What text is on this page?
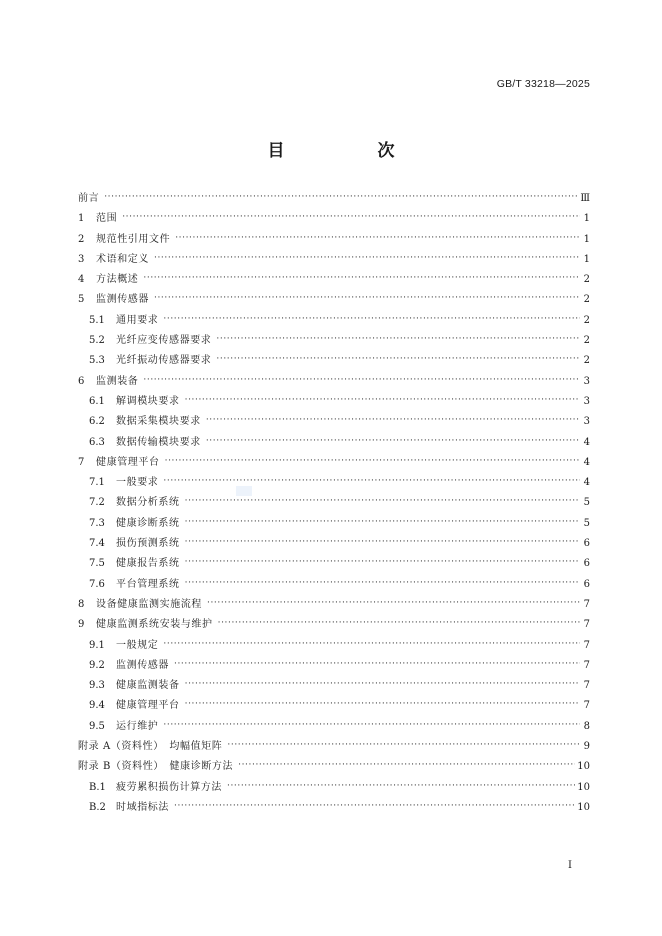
GB/T 33218—2025
目　次
前言 ·····	Ⅲ
1	范围 ·····	1
2	规范性引用文件 ·····	1
3	术语和定义 ·····	1
4	方法概述 ·····	2
5	监测传感器 ·····	2
5.1	通用要求 ·····	2
5.2	光纤应变传感器要求 ·····	2
5.3	光纤振动传感器要求 ·····	2
6	监测装备 ·····	3
6.1	解调模块要求 ·····	3
6.2	数据采集模块要求 ·····	3
6.3	数据传输模块要求 ·····	4
7	健康管理平台 ·····	4
7.1	一般要求 ·····	4
7.2	数据分析系统 ·····	5
7.3	健康诊断系统 ·····	5
7.4	损伤预测系统 ·····	6
7.5	健康报告系统 ·····	6
7.6	平台管理系统 ·····	6
8	设备健康监测实施流程 ·····	7
9	健康监测系统安装与维护 ·····	7
9.1	一般规定 ·····	7
9.2	监测传感器 ·····	7
9.3	健康监测装备 ·····	7
9.4	健康管理平台 ·····	7
9.5	运行维护 ·····	8
附录 A（资料性）　均幅值矩阵 ·····	9
附录 B（资料性）　健康诊断方法 ·····	10
B.1	疲劳累积损伤计算方法 ·····	10
B.2	时域指标法 ·····	10
I
